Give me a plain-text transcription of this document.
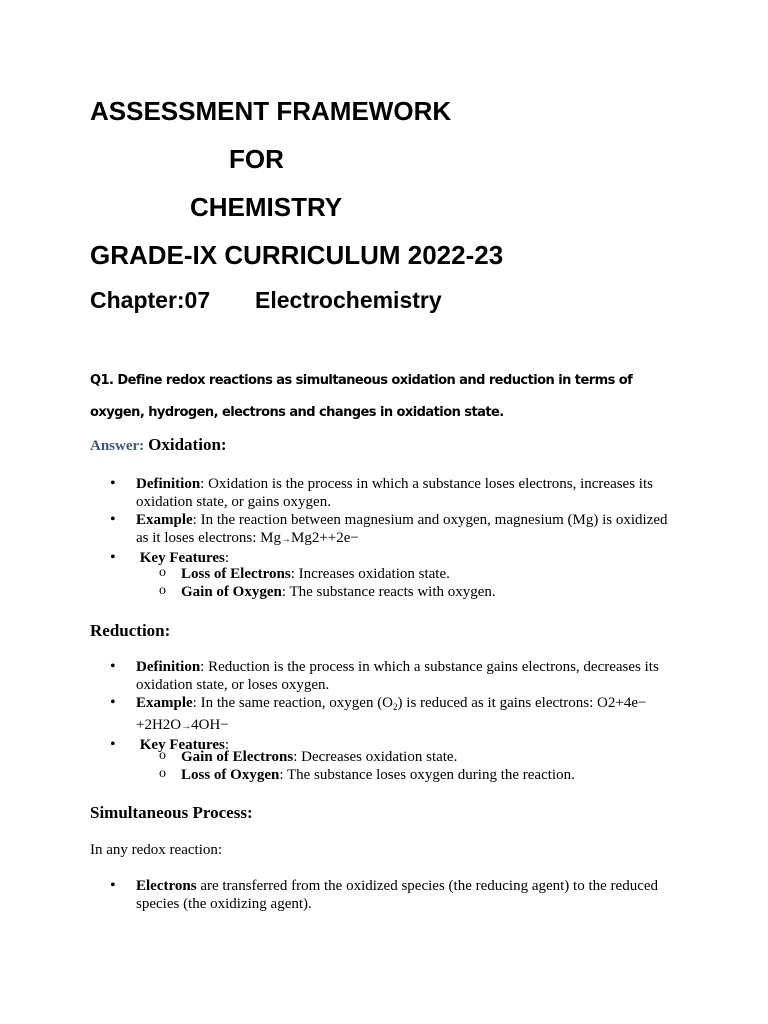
ASSESSMENT FRAMEWORK
FOR
CHEMISTRY
GRADE-IX CURRICULUM 2022-23
Chapter:07 Electrochemistry
Q1. Define redox reactions as simultaneous oxidation and reduction in terms of
oxygen, hydrogen, electrons and changes in oxidation state.
Answer: Oxidation:
• Definition: Oxidation is the process in which a substance loses electrons, increases its oxidation state, or gains oxygen.
• Example: In the reaction between magnesium and oxygen, magnesium (Mg) is oxidized as it loses electrons: Mg→Mg2++2e−
• Key Features:
o Loss of Electrons: Increases oxidation state.
o Gain of Oxygen: The substance reacts with oxygen.
Reduction:
• Definition: Reduction is the process in which a substance gains electrons, decreases its oxidation state, or loses oxygen.
• Example: In the same reaction, oxygen $(O_2)$ is reduced as it gains electrons: O2+4e−
+2H2O→4OH−
• Key Features:
o Gain of Electrons: Decreases oxidation state.
o Loss of Oxygen: The substance loses oxygen during the reaction.
Simultaneous Process:
In any redox reaction:
• Electrons are transferred from the oxidized species (the reducing agent) to the reduced species (the oxidizing agent).
